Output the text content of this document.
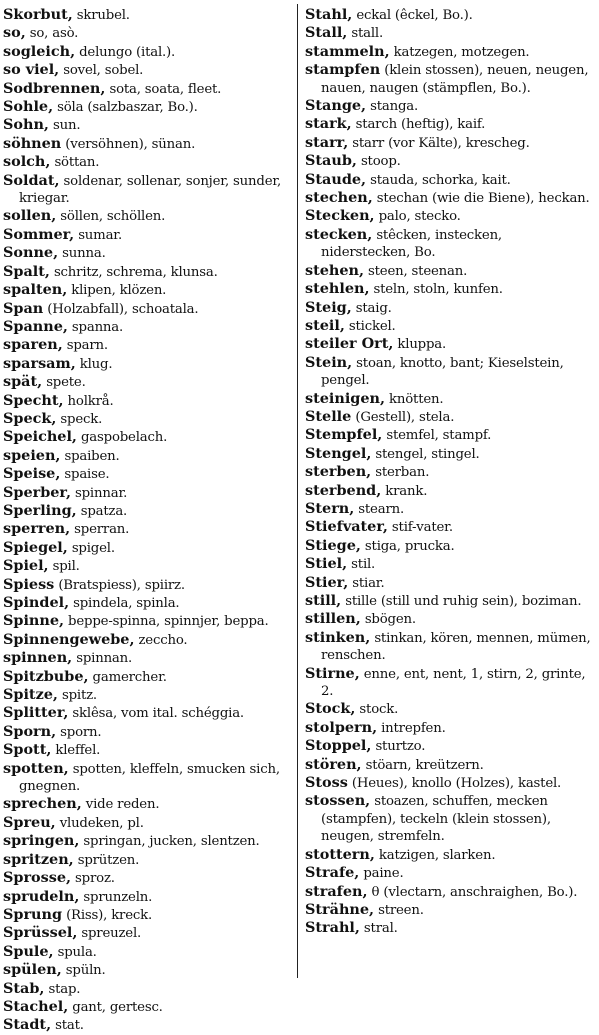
Skorbut, skrubel.
so, so, asò.
sogleich, delungo (ital.).
so viel, sovel, sobel.
Sodbrennen, sota, soata, fleet.
Sohle, söla (salzbaszar, Bo.).
Sohn, sun.
söhnen (versöhnen), sünan.
solch, söttan.
Soldat, soldenar, sollenar, sonjer, sunder, kriegar.
sollen, söllen, schöllen.
Sommer, sumar.
Sonne, sunna.
Spalt, schritz, schrema, klunsa.
spalten, klipen, klözen.
Span (Holzabfall), schoatala.
Spanne, spanna.
sparen, sparn.
sparsam, klug.
spät, spete.
Specht, holkrå.
Speck, speck.
Speichel, gaspobelach.
speien, spaiben.
Speise, spaise.
Sperber, spinnar.
Sperling, spatza.
sperren, sperran.
Spiegel, spigel.
Spiel, spil.
Spiess (Bratspiess), spiirz.
Spindel, spindela, spinla.
Spinne, beppe-spinna, spinnjer, beppa.
Spinnengewebe, zeccho.
spinnen, spinnan.
Spitzbube, gamercher.
Spitze, spitz.
Splitter, sklêsa, vom ital. schéggia.
Sporn, sporn.
Spott, kleffel.
spotten, spotten, kleffeln, smucken sich, gnegnen.
sprechen, vide reden.
Spreu, vludeken, pl.
springen, springan, jucken, slentzen.
spritzen, sprützen.
Sprosse, sproz.
sprudeln, sprunzeln.
Sprung (Riss), kreck.
Sprüssel, spreuzel.
Spule, spula.
spülen, spüln.
Stab, stap.
Stachel, gant, gertesc.
Stadt, stat.
Stahl, eckal (êckel, Bo.).
Stall, stall.
stammeln, katzegen, motzegen.
stampfen (klein stossen), neuen, neugen, nauen, naugen (stämpflen, Bo.).
Stange, stanga.
stark, starch (heftig), kaif.
starr, starr (vor Kälte), krescheg.
Staub, stoop.
Staude, stauda, schorka, kait.
stechen, stechan (wie die Biene), heckan.
Stecken, palo, stecko.
stecken, stêcken, instecken, niderstecken, Bo.
stehen, steen, steenan.
stehlen, steln, stoln, kunfen.
Steig, staig.
steil, stickel.
steiler Ort, kluppa.
Stein, stoan, knotto, bant; Kieselstein, pengel.
steinigen, knötten.
Stelle (Gestell), stela.
Stempfel, stemfel, stampf.
Stengel, stengel, stingel.
sterben, sterban.
sterbend, krank.
Stern, stearn.
Stiefvater, stif-vater.
Stiege, stiga, prucka.
Stiel, stil.
Stier, stiar.
still, stille (still und ruhig sein), boziman.
stillen, sbögen.
stinken, stinkan, kören, mennen, mümen, renschen.
Stirne, enne, ent, nent, 1, stirn, 2, grinte, 2.
Stock, stock.
stolpern, intrepfen.
Stoppel, sturtzo.
stören, stöarn, kreützern.
Stoss (Heues), knollo (Holzes), kastel.
stossen, stoazen, schuffen, mecken (stampfen), teckeln (klein stossen), neugen, stremfeln.
stottern, katzigen, slarken.
Strafe, paine.
strafen, θ (vlectarn, anschraighen, Bo.).
Strähne, streen.
Strahl, stral.
